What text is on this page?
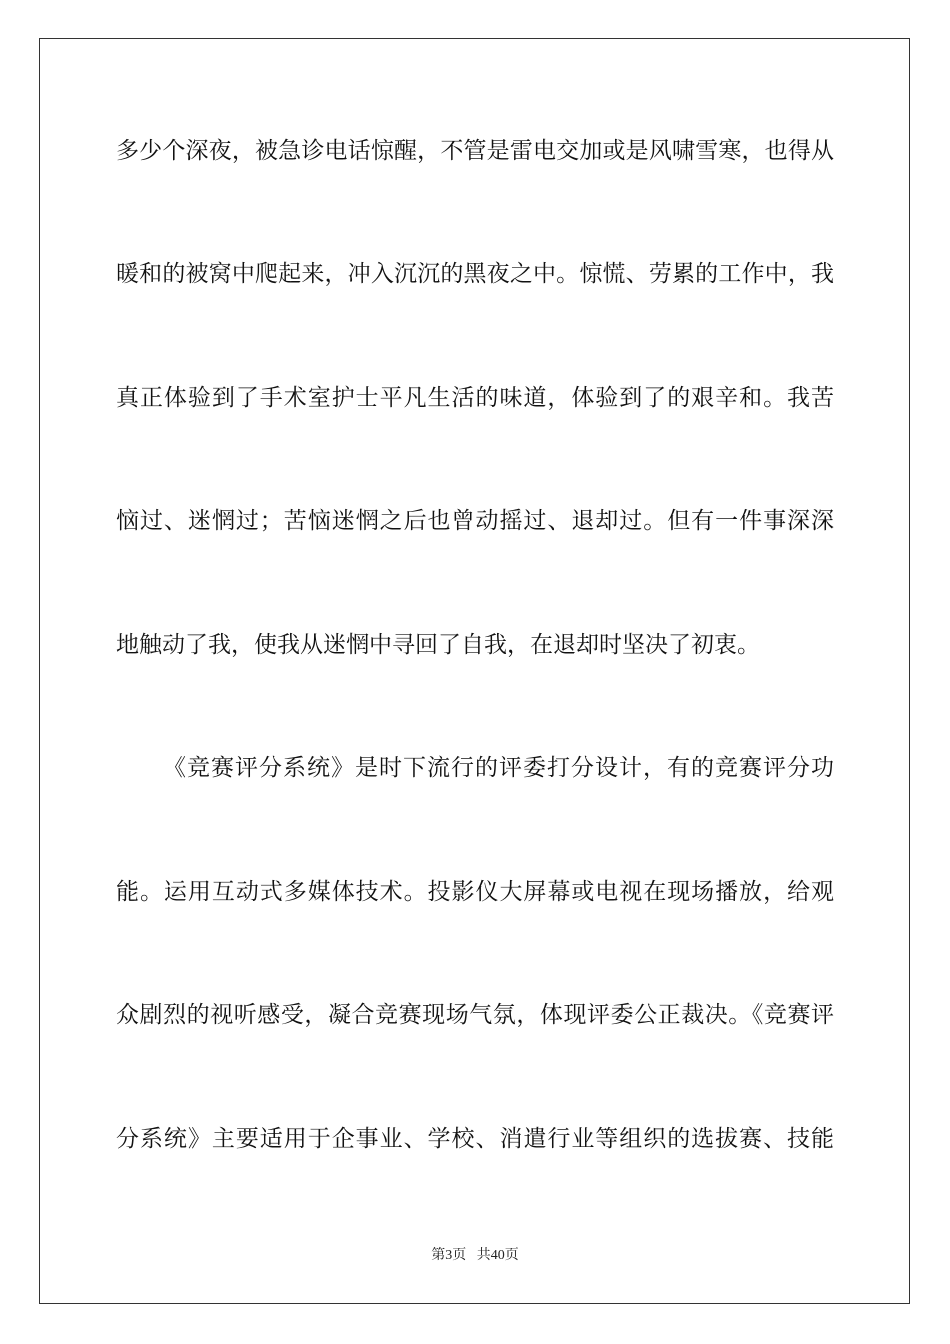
多少个深夜，被急诊电话惊醒，不管是雷电交加或是风啸雪寒，也得从
暖和的被窝中爬起来，冲入沉沉的黑夜之中。惊慌、劳累的工作中，我
真正体验到了手术室护士平凡生活的味道，体验到了的艰辛和。我苦
恼过、迷惘过；苦恼迷惘之后也曾动摇过、退却过。但有一件事深深
地触动了我，使我从迷惘中寻回了自我，在退却时坚决了初衷。
《竞赛评分系统》是时下流行的评委打分设计，有的竞赛评分功
能。运用互动式多媒体技术。投影仪大屏幕或电视在现场播放，给观
众剧烈的视听感受，凝合竞赛现场气氛，体现评委公正裁决。《竞赛评
分系统》主要适用于企事业、学校、消遣行业等组织的选拔赛、技能
第3页 共40页
